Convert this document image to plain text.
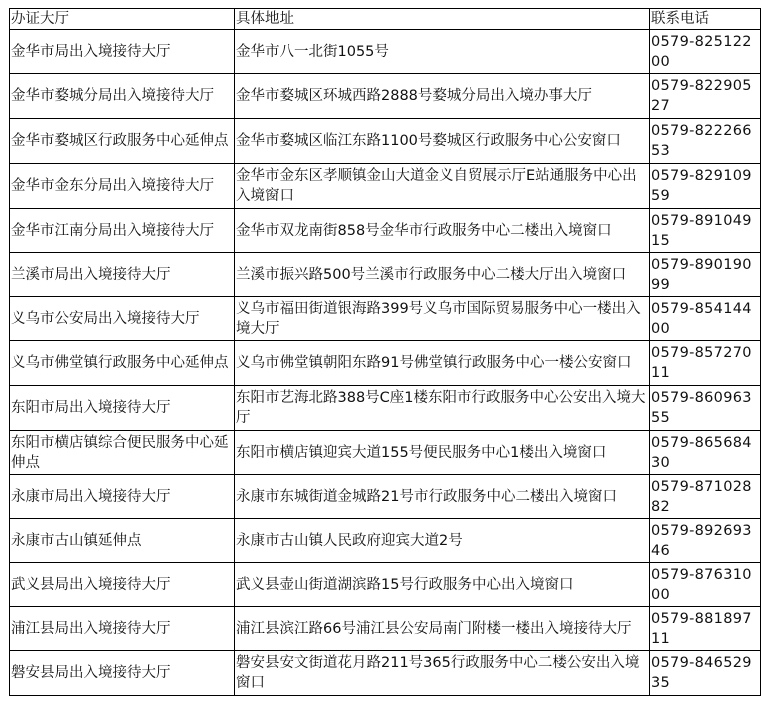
办证大厅	具体地址	联系电话
金华市局出入境接待大厅	金华市八一北街1055号	0579-82512200
金华市婺城分局出入境接待大厅	金华市婺城区环城西路2888号婺城分局出入境办事大厅	0579-82290527
金华市婺城区行政服务中心延伸点	金华市婺城区临江东路1100号婺城区行政服务中心公安窗口	0579-82226653
金华市金东分局出入境接待大厅	金华市金东区孝顺镇金山大道金义自贸展示厅E站通服务中心出入境窗口	0579-82910959
金华市江南分局出入境接待大厅	金华市双龙南街858号金华市行政服务中心二楼出入境窗口	0579-89104915
兰溪市局出入境接待大厅	兰溪市振兴路500号兰溪市行政服务中心二楼大厅出入境窗口	0579-89019099
义乌市公安局出入境接待大厅	义乌市福田街道银海路399号义乌市国际贸易服务中心一楼出入境大厅	0579-85414400
义乌市佛堂镇行政服务中心延伸点	义乌市佛堂镇朝阳东路91号佛堂镇行政服务中心一楼公安窗口	0579-85727011
东阳市局出入境接待大厅	东阳市艺海北路388号C座1楼东阳市行政服务中心公安出入境大厅	0579-86096355
东阳市横店镇综合便民服务中心延伸点	东阳市横店镇迎宾大道155号便民服务中心1楼出入境窗口	0579-86568430
永康市局出入境接待大厅	永康市东城街道金城路21号市行政服务中心二楼出入境窗口	0579-87102882
永康市古山镇延伸点	永康市古山镇人民政府迎宾大道2号	0579-89269346
武义县局出入境接待大厅	武义县壶山街道湖滨路15号行政服务中心出入境窗口	0579-87631000
浦江县局出入境接待大厅	浦江县滨江路66号浦江县公安局南门附楼一楼出入境接待大厅	0579-88189711
磐安县局出入境接待大厅	磐安县安文街道花月路211号365行政服务中心二楼公安出入境窗口	0579-84652935
